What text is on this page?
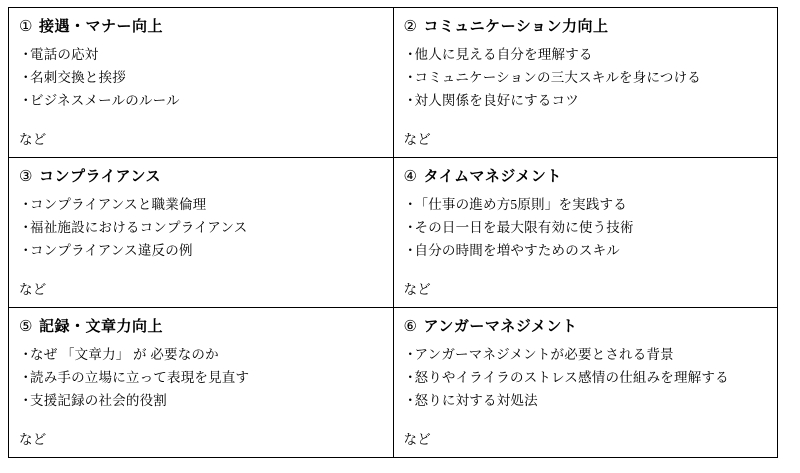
① 接遇・マナー向上
・電話の応対
・名刺交換と挨拶
・ビジネスメールのルール
など

② コミュニケーション力向上
・他人に見える自分を理解する
・コミュニケーションの三大スキルを身につける
・対人関係を良好にするコツ
など

③ コンプライアンス
・コンプライアンスと職業倫理
・福祉施設におけるコンプライアンス
・コンプライアンス違反の例
など

④ タイムマネジメント
・「仕事の進め方5原則」を実践する
・その日一日を最大限有効に使う技術
・自分の時間を増やすためのスキル
など

⑤ 記録・文章力向上
・なぜ 「文章力」 が 必要なのか
・読み手の立場に立って表現を見直す
・支援記録の社会的役割
など

⑥ アンガーマネジメント
・アンガーマネジメントが必要とされる背景
・怒りやイライラのストレス感情の仕組みを理解する
・怒りに対する対処法
など
